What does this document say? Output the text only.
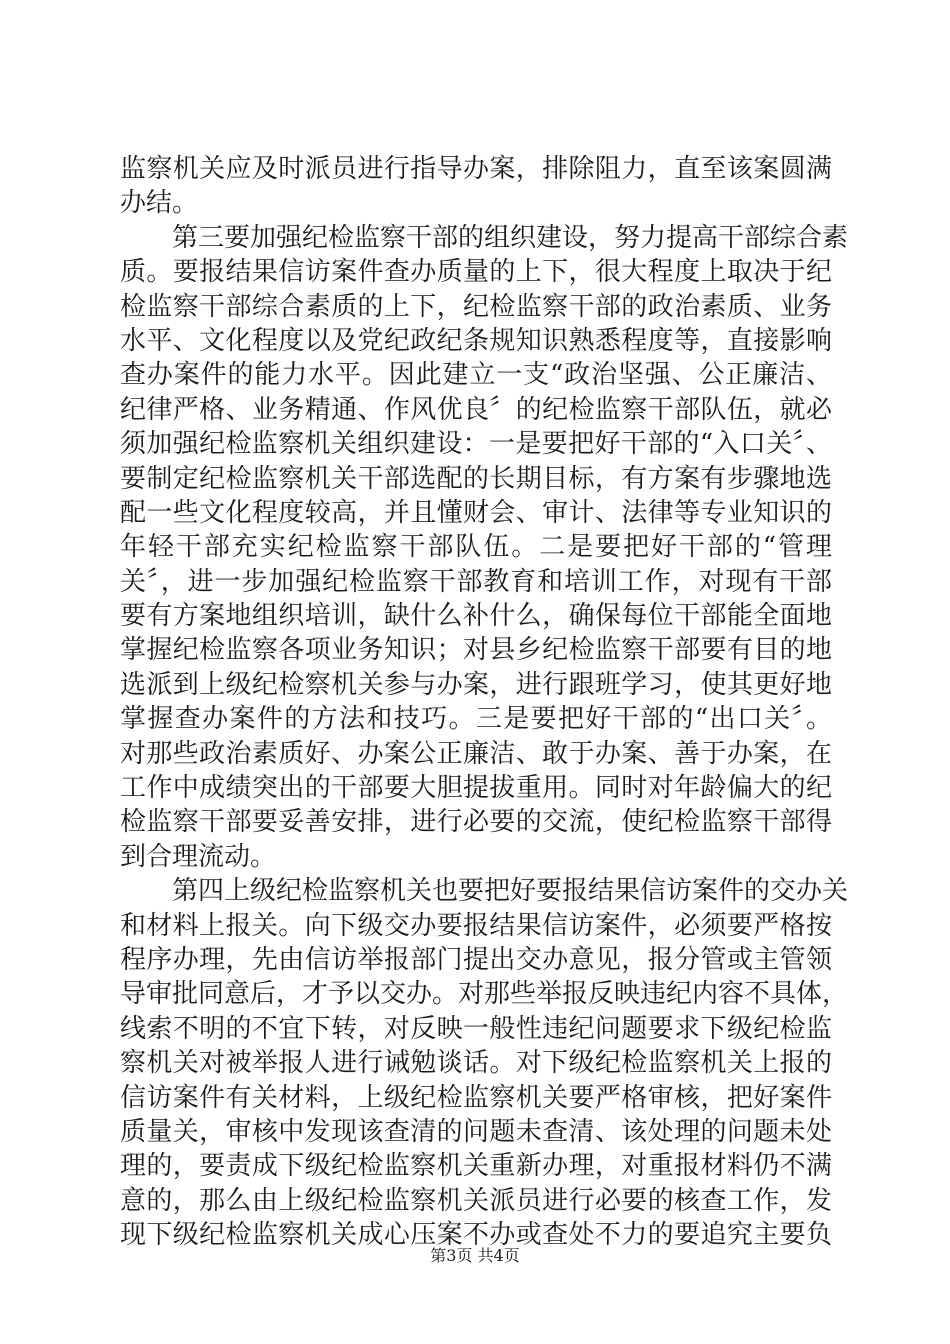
监察机关应及时派员进行指导办案，排除阻力，直至该案圆满
办结。
第三要加强纪检监察干部的组织建设，努力提高干部综合素
质。要报结果信访案件查办质量的上下，很大程度上取决于纪
检监察干部综合素质的上下，纪检监察干部的政治素质、业务
水平、文化程度以及党纪政纪条规知识熟悉程度等，直接影响
查办案件的能力水平。因此建立一支“政治坚强、公正廉洁、
纪律严格、业务精通、作风优良〞的纪检监察干部队伍，就必
须加强纪检监察机关组织建设：一是要把好干部的“入口关〞、
要制定纪检监察机关干部选配的长期目标，有方案有步骤地选
配一些文化程度较高，并且懂财会、审计、法律等专业知识的
年轻干部充实纪检监察干部队伍。二是要把好干部的“管理
关〞，进一步加强纪检监察干部教育和培训工作，对现有干部
要有方案地组织培训，缺什么补什么，确保每位干部能全面地
掌握纪检监察各项业务知识；对县乡纪检监察干部要有目的地
选派到上级纪检察机关参与办案，进行跟班学习，使其更好地
掌握查办案件的方法和技巧。三是要把好干部的“出口关〞。
对那些政治素质好、办案公正廉洁、敢于办案、善于办案，在
工作中成绩突出的干部要大胆提拔重用。同时对年龄偏大的纪
检监察干部要妥善安排，进行必要的交流，使纪检监察干部得
到合理流动。
第四上级纪检监察机关也要把好要报结果信访案件的交办关
和材料上报关。向下级交办要报结果信访案件，必须要严格按
程序办理，先由信访举报部门提出交办意见，报分管或主管领
导审批同意后，才予以交办。对那些举报反映违纪内容不具体，
线索不明的不宜下转，对反映一般性违纪问题要求下级纪检监
察机关对被举报人进行诫勉谈话。对下级纪检监察机关上报的
信访案件有关材料，上级纪检监察机关要严格审核，把好案件
质量关，审核中发现该查清的问题未查清、该处理的问题未处
理的，要责成下级纪检监察机关重新办理，对重报材料仍不满
意的，那么由上级纪检监察机关派员进行必要的核查工作，发
现下级纪检监察机关成心压案不办或查处不力的要追究主要负
第3页 共4页
